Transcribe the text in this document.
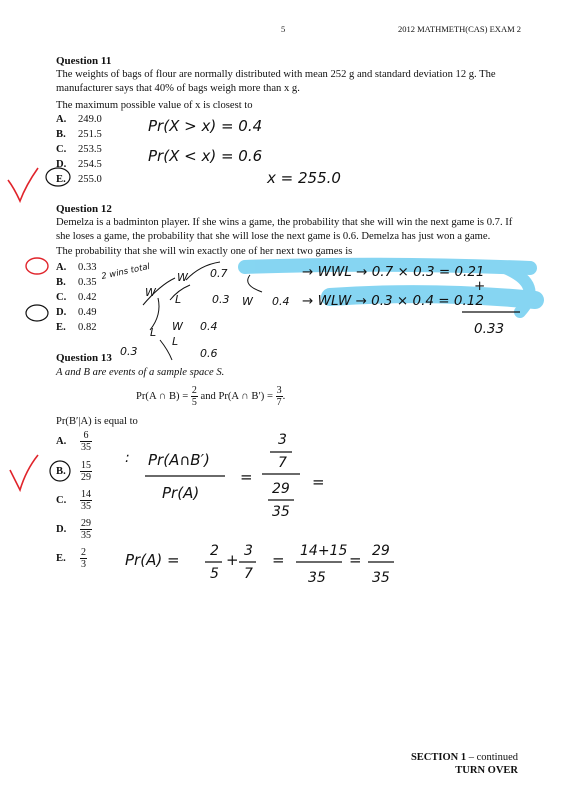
5	2012 MATHMETH(CAS) EXAM 2
Question 11
The weights of bags of flour are normally distributed with mean 252 g and standard deviation 12 g. The
manufacturer says that 40% of bags weigh more than x g.
The maximum possible value of x is closest to
A. 249.0
B. 251.5
C. 253.5
D. 254.5
E. 255.0
Question 12
Demelza is a badminton player. If she wins a game, the probability that she will win the next game is 0.7. If
she loses a game, the probability that she will lose the next game is 0.6. Demelza has just won a game.
The probability that she will win exactly one of her next two games is
A. 0.33
B. 0.35
C. 0.42
D. 0.49
E. 0.82
Question 13
A and B are events of a sample space S.
Pr(A ∩ $B) = \frac{2}{5}$ and Pr(A ∩ $B') = \frac{3}{7}$ .
Pr(B′|A) is equal to
A. $\frac{6}{35}$
B. $\frac{15}{29}$
C. $\frac{14}{35}$
D. $\frac{29}{35}$
E. $\frac{2}{3}$
Pr(X > x) = 0.4
Pr(X < x) = 0.6
x = 255.0
2 wins total
W
W 0.7
L	0.3
L
0.3
W 0.4
W 0.4
L
0.6
→ WWL → 0.7 × 0.3 = 0.21
→ WLW → 0.3 × 0.4 = 0.12
+
0.33
: Pr(A∩B′)
Pr(A)
=
3
7
29
35
=
Pr(A) = 2
5
+ 3
7
= 14+15
35
= 29
35
SECTION 1 – continued
TURN OVER
